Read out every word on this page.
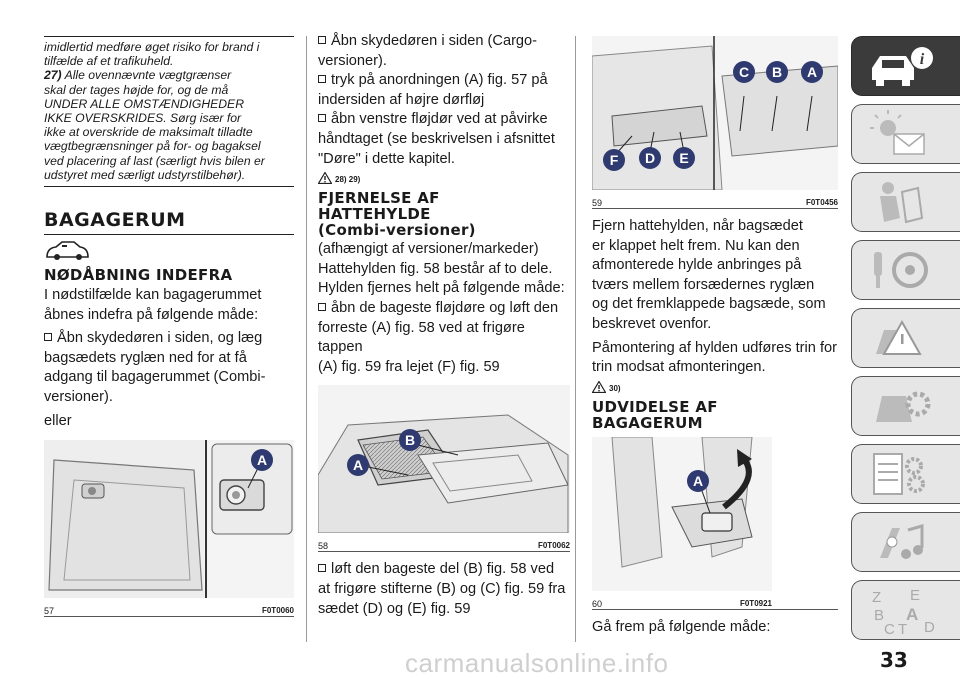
imidlertid medføre øget risiko for brand i
tilfælde af et trafikuheld.
27) Alle ovennævnte vægtgrænser
skal der tages højde for, og de må
UNDER ALLE OMSTÆNDIGHEDER
IKKE OVERSKRIDES. Sørg især for
ikke at overskride de maksimalt tilladte
vægtbegrænsninger på for- og bagaksel
ved placering af last (særligt hvis bilen er
udstyret med særligt udstyrstilbehør).
BAGAGERUM
NØDÅBNING INDEFRA

I nødstilfælde kan bagagerummet
åbnes indefra på følgende måde:

Åbn skydedøren i siden, og læg
bagsædets ryglæn ned for at få
adgang til bagagerummet (Combi-
versioner).

eller

A
57	F0T0060

Åbn skydedøren i siden (Cargo-
versioner).

tryk på anordningen (A) fig. 57 på
indersiden af højre dørfløj

åbn venstre fløjdør ved at påvirke
håndtaget (se beskrivelsen i afsnittet
"Døre" i dette kapitel.

28) 29)
FJERNELSE AF
HATTEHYLDE
(Combi-versioner)

(afhængigt af versioner/markeder)
Hattehylden fig. 58 består af to dele.
Hylden fjernes helt på følgende måde:

åbn de bageste fløjdøre og løft den
forreste (A) fig. 58 ved at frigøre tappen
(A) fig. 59 fra lejet (F) fig. 59

A
B
58	F0T0062

løft den bageste del (B) fig. 58 ved
at frigøre stifterne (B) og (C) fig. 59 fra
sædet (D) og (E) fig. 59

C B A
F D E
59	F0T0456

Fjern hattehylden, når bagsædet
er klappet helt frem. Nu kan den
afmonterede hylde anbringes på
tværs mellem forsædernes ryglæn
og det fremklappede bagsæde, som
beskrevet ovenfor.

Påmontering af hylden udføres trin for
trin modsat afmonteringen.

30)
UDVIDELSE AF
BAGAGERUM
A
60	F0T0921

Gå frem på følgende måde:

i
Z E
B A
C T D
carmanualsonline.info	33
